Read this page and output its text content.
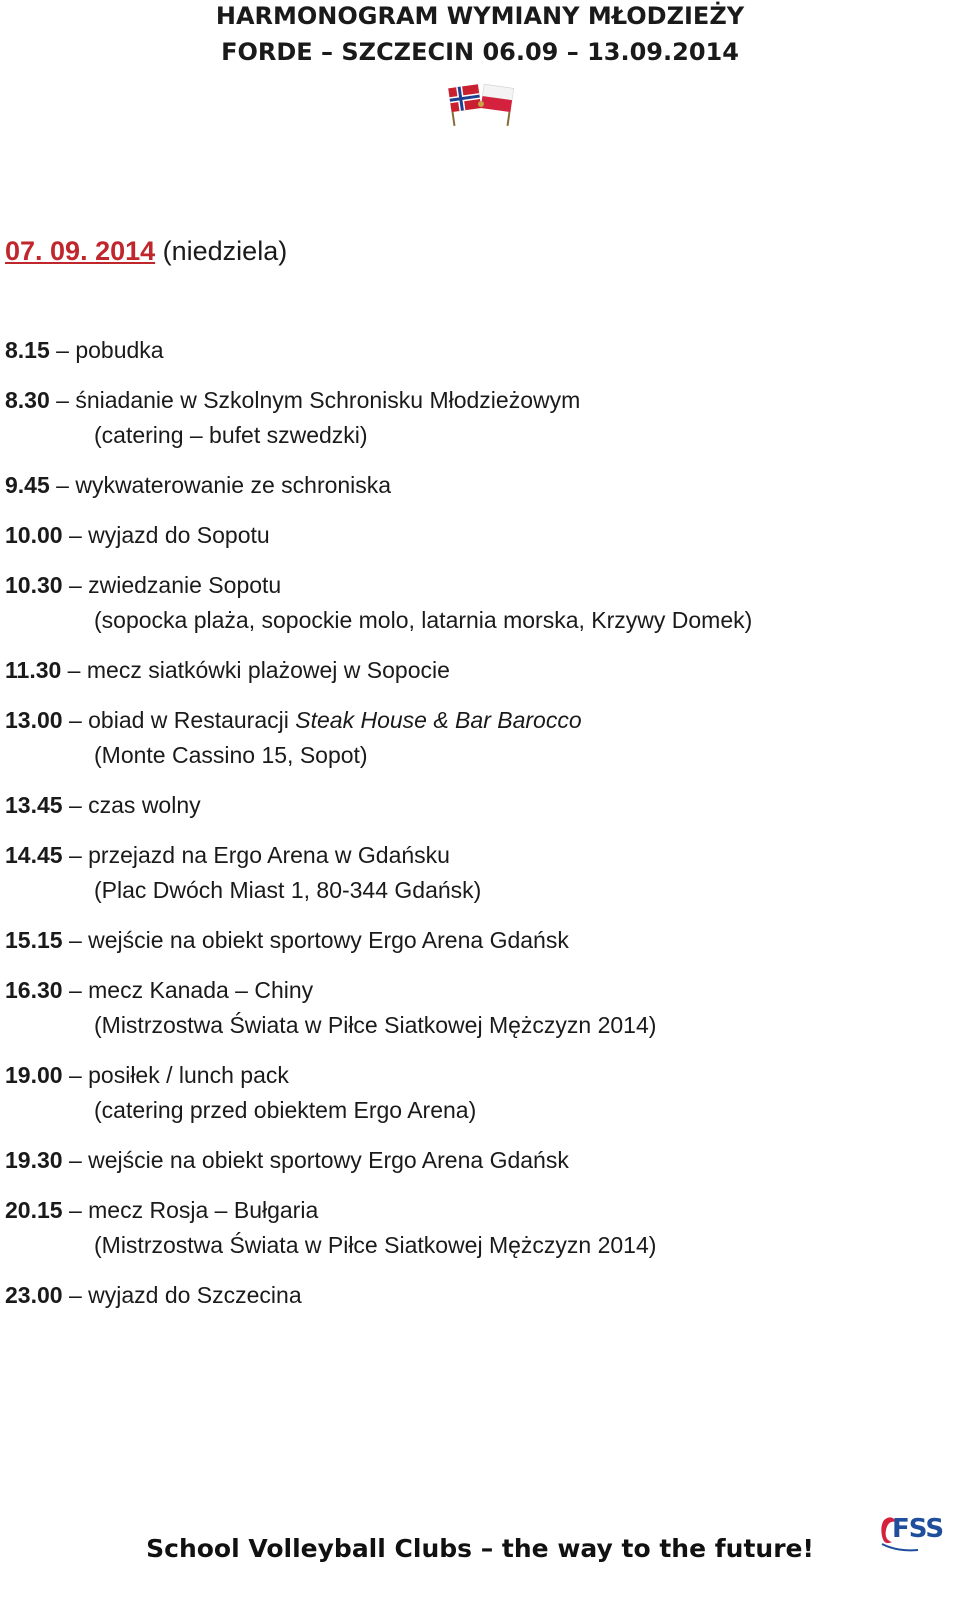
HARMONOGRAM WYMIANY MŁODZIEŻY
FORDE – SZCZECIN 06.09 – 13.09.2014
07. 09. 2014 (niedziela)
8.15 – pobudka
8.30 – śniadanie w Szkolnym Schronisku Młodzieżowym
(catering – bufet szwedzki)
9.45 – wykwaterowanie ze schroniska
10.00 – wyjazd do Sopotu
10.30 – zwiedzanie Sopotu
(sopocka plaża, sopockie molo, latarnia morska, Krzywy Domek)
11.30 – mecz siatkówki plażowej w Sopocie
13.00 – obiad w Restauracji Steak House & Bar Barocco
(Monte Cassino 15, Sopot)
13.45 – czas wolny
14.45 – przejazd na Ergo Arena w Gdańsku
(Plac Dwóch Miast 1, 80-344 Gdańsk)
15.15 – wejście na obiekt sportowy Ergo Arena Gdańsk
16.30 – mecz Kanada – Chiny
(Mistrzostwa Świata w Piłce Siatkowej Mężczyzn 2014)
19.00 – posiłek / lunch pack
(catering przed obiektem Ergo Arena)
19.30 – wejście na obiekt sportowy Ergo Arena Gdańsk
20.15 – mecz Rosja – Bułgaria
(Mistrzostwa Świata w Piłce Siatkowej Mężczyzn 2014)
23.00 – wyjazd do Szczecina
School Volleyball Clubs – the way to the future!
FSS
